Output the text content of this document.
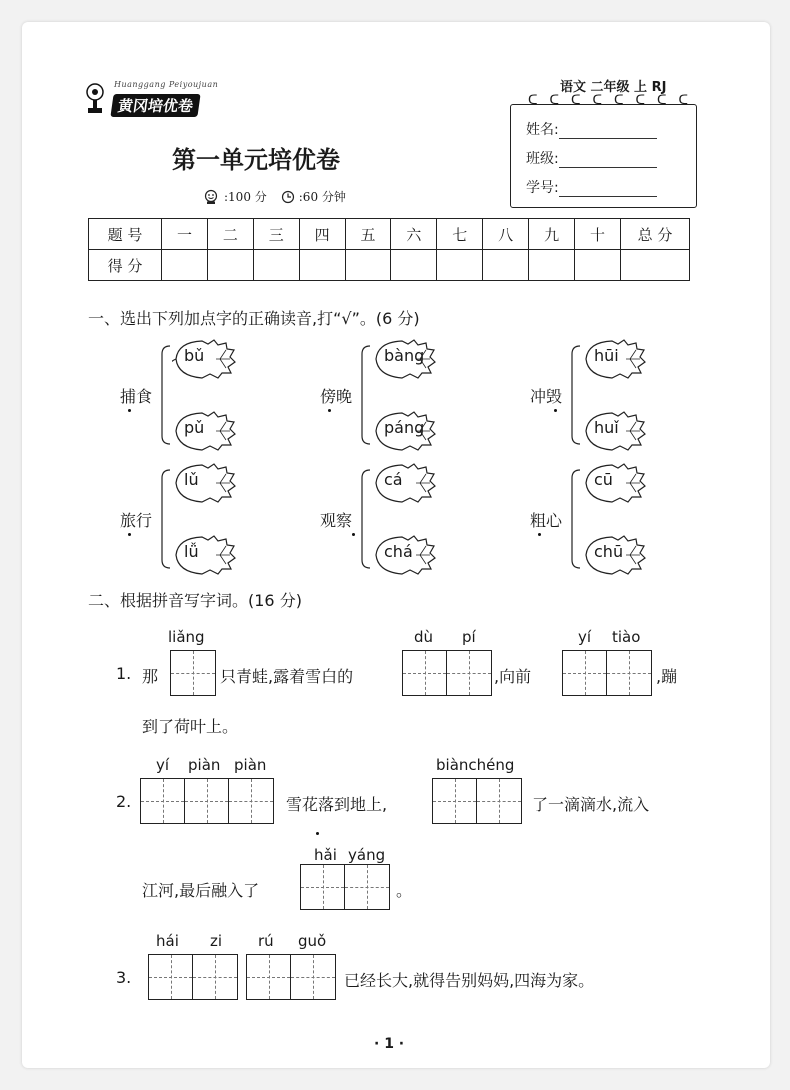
Huanggang Peiyoujuan
黄冈培优卷
第一单元培优卷
:100 分	:60 分钟
语文 二年级 上 RJ
ᑕ ᑕ ᑕ ᑕ ᑕ ᑕ ᑕ ᑕ
姓名:
班级:
学号:
题 号	一	二	三	四	五	六	七	八	九	十	总 分
得 分											
一、选出下列加点字的正确读音,打“√”。(6 分)
捕食	傍晚	冲毁
旅行	观察	粗心
bǔ
pǔ
bàng
páng
hūi
huǐ
lǔ
lǚ
cá
chá
cū
chū
二、根据拼音写字词。(16 分)
liǎng
1. 那	只青蛙,露着雪白的
dù pí
,向前
yí tiào
,蹦
到了荷叶上。
yí piàn piàn
2.	雪花落到地上,
biànchéng
了一滴滴水,流入
hǎi yáng
江河,最后融入了	。
hái zi rú guǒ
3.	已经长大,就得告别妈妈,四海为家。
· 1 ·
